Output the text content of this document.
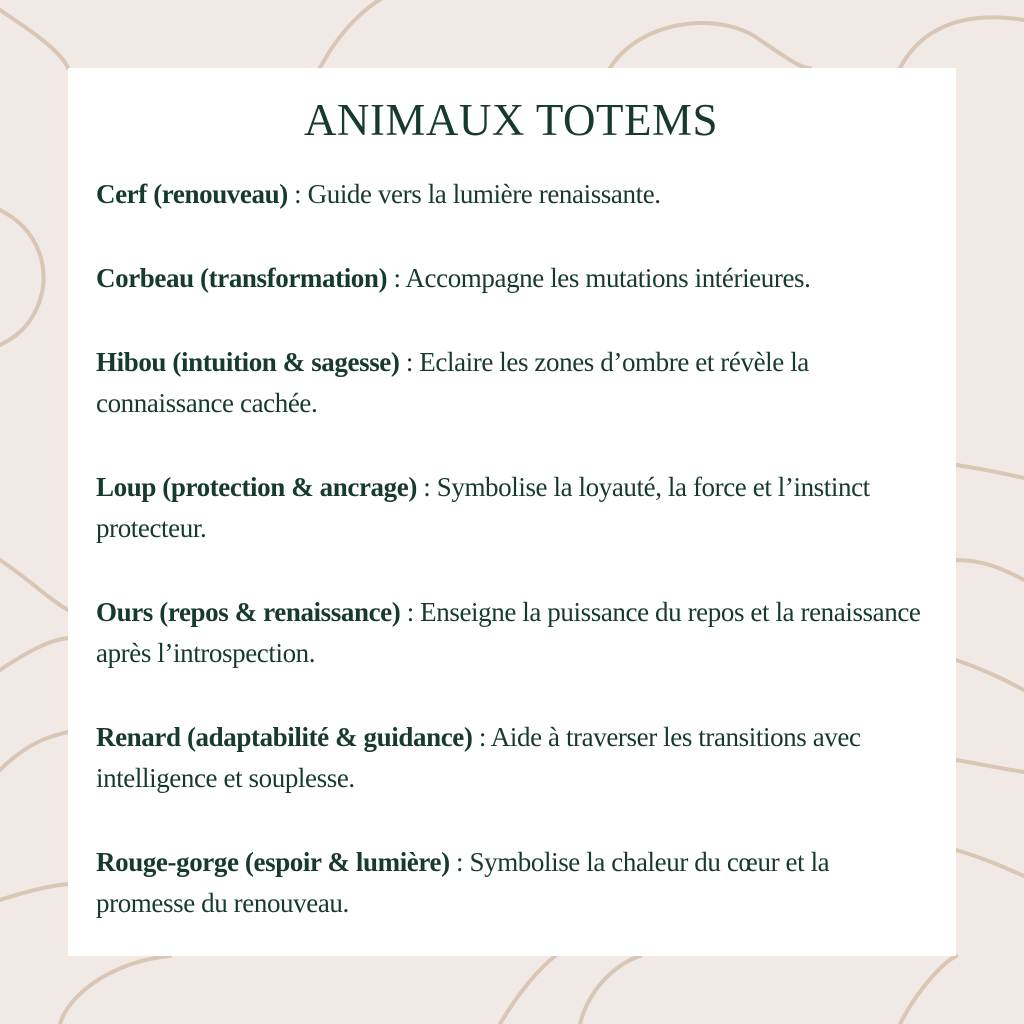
ANIMAUX TOTEMS
Cerf (renouveau) : Guide vers la lumière renaissante.
Corbeau (transformation) : Accompagne les mutations intérieures.
Hibou (intuition & sagesse) : Eclaire les zones d’ombre et révèle la connaissance cachée.
Loup (protection & ancrage) : Symbolise la loyauté, la force et l’instinct protecteur.
Ours (repos & renaissance) : Enseigne la puissance du repos et la renaissance après l’introspection.
Renard (adaptabilité & guidance) : Aide à traverser les transitions avec intelligence et souplesse.
Rouge-gorge (espoir & lumière) : Symbolise la chaleur du cœur et la promesse du renouveau.
